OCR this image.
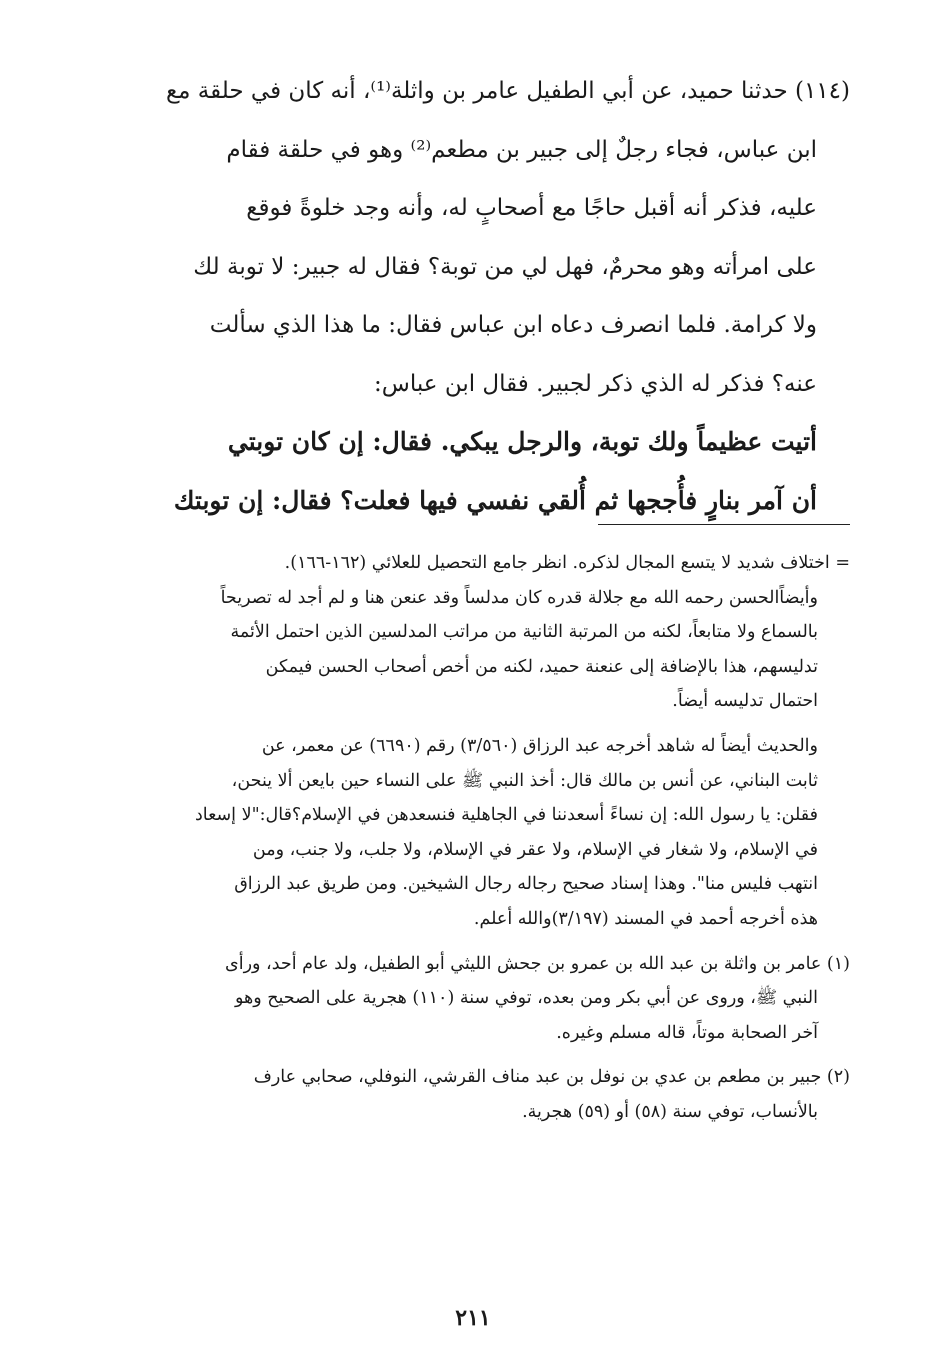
(١١٤) حدثنا حميد، عن أبي الطفيل عامر بن واثلة⁽¹⁾، أنه كان في حلقة مع
ابن عباس، فجاء رجلٌ إلى جبير بن مطعم⁽²⁾ وهو في حلقة فقام
عليه، فذكر أنه أقبل حاجًا مع أصحابٍ له، وأنه وجد خلوةً فوقع
على امرأته وهو محرمٌ، فهل لي من توبة؟ فقال له جبير: لا توبة لك
ولا كرامة. فلما انصرف دعاه ابن عباس فقال: ما هذا الذي سألت
عنه؟ فذكر له الذي ذكر لجبير. فقال ابن عباس:
أتيت عظيماً ولك توبة، والرجل يبكي. فقال: إن كان توبتي
أن آمر بنارٍ فأُججها ثم أُلقي نفسي فيها فعلت؟ فقال: إن توبتك
= اختلاف شديد لا يتسع المجال لذكره. انظر جامع التحصيل للعلائي (١٦٢-١٦٦).
وأيضاًالحسن رحمه الله مع جلالة قدره كان مدلساً وقد عنعن هنا و لم أجد له تصريحاً
بالسماع ولا متابعاً، لكنه من المرتبة الثانية من مراتب المدلسين الذين احتمل الأئمة
تدليسهم، هذا بالإضافة إلى عنعنة حميد، لكنه من أخص أصحاب الحسن فيمكن
احتمال تدليسه أيضاً.
والحديث أيضاً له شاهد أخرجه عبد الرزاق (٣/٥٦٠) رقم (٦٦٩٠) عن معمر، عن
ثابت البناني، عن أنس بن مالك قال: أخذ النبي ﷺ على النساء حين بايعن ألا ينحن،
فقلن: يا رسول الله: إن نساءً أسعدننا في الجاهلية فنسعدهن في الإسلام؟قال:"لا إسعاد
في الإسلام، ولا شغار في الإسلام، ولا عقر في الإسلام، ولا جلب، ولا جنب، ومن
انتهب فليس منا". وهذا إسناد صحيح رجاله رجال الشيخين. ومن طريق عبد الرزاق
هذه أخرجه أحمد في المسند (٣/١٩٧)والله أعلم.
(١) عامر بن واثلة بن عبد الله بن عمرو بن جحش الليثي أبو الطفيل، ولد عام أحد، ورأى
النبي ﷺ، وروى عن أبي بكر ومن بعده، توفي سنة (١١٠) هجرية على الصحيح وهو
آخر الصحابة موتاً، قاله مسلم وغيره.
(٢) جبير بن مطعم بن عدي بن نوفل بن عبد مناف القرشي، النوفلي، صحابي عارف
بالأنساب، توفي سنة (٥٨) أو (٥٩) هجرية.
٢١١
